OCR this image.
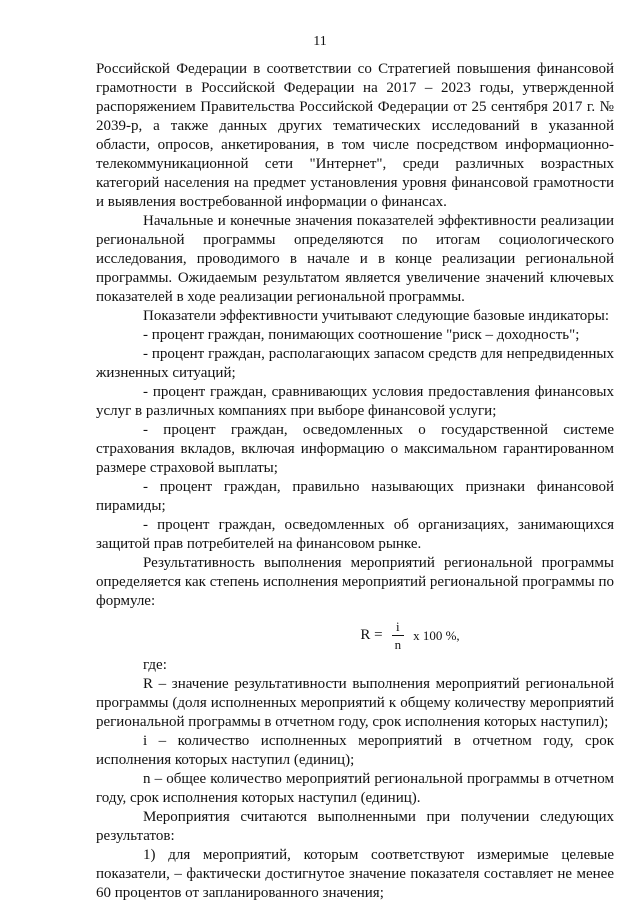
11

Российской Федерации в соответствии со Стратегией повышения финансовой грамотности в Российской Федерации на 2017 – 2023 годы, утвержденной распоряжением Правительства Российской Федерации от 25 сентября 2017 г. № 2039-р, а также данных других тематических исследований в указанной области, опросов, анкетирования, в том числе посредством информационно-телекоммуникационной сети "Интернет", среди различных возрастных категорий населения на предмет установления уровня финансовой грамотности и выявления востребованной информации о финансах.

Начальные и конечные значения показателей эффективности реализации региональной программы определяются по итогам социологического исследования, проводимого в начале и в конце реализации региональной программы. Ожидаемым результатом является увеличение значений ключевых показателей в ходе реализации региональной программы.

Показатели эффективности учитывают следующие базовые индикаторы:

- процент граждан, понимающих соотношение "риск – доходность";

- процент граждан, располагающих запасом средств для непредвиденных жизненных ситуаций;

- процент граждан, сравнивающих условия предоставления финансовых услуг в различных компаниях при выборе финансовой услуги;

- процент граждан, осведомленных о государственной системе страхования вкладов, включая информацию о максимальном гарантированном размере страховой выплаты;

- процент граждан, правильно называющих признаки финансовой пирамиды;

- процент граждан, осведомленных об организациях, занимающихся защитой прав потребителей на финансовом рынке.

Результативность выполнения мероприятий региональной программы определяется как степень исполнения мероприятий региональной программы по формуле:

$R = \frac{i}{n}$ x 100 %,

где:

R – значение результативности выполнения мероприятий региональной программы (доля исполненных мероприятий к общему количеству мероприятий региональной программы в отчетном году, срок исполнения которых наступил);

i – количество исполненных мероприятий в отчетном году, срок исполнения которых наступил (единиц);

n – общее количество мероприятий региональной программы в отчетном году, срок исполнения которых наступил (единиц).

Мероприятия считаются выполненными при получении следующих результатов:

1) для мероприятий, которым соответствуют измеримые целевые показатели, – фактически достигнутое значение показателя составляет не менее 60 процентов от запланированного значения;
